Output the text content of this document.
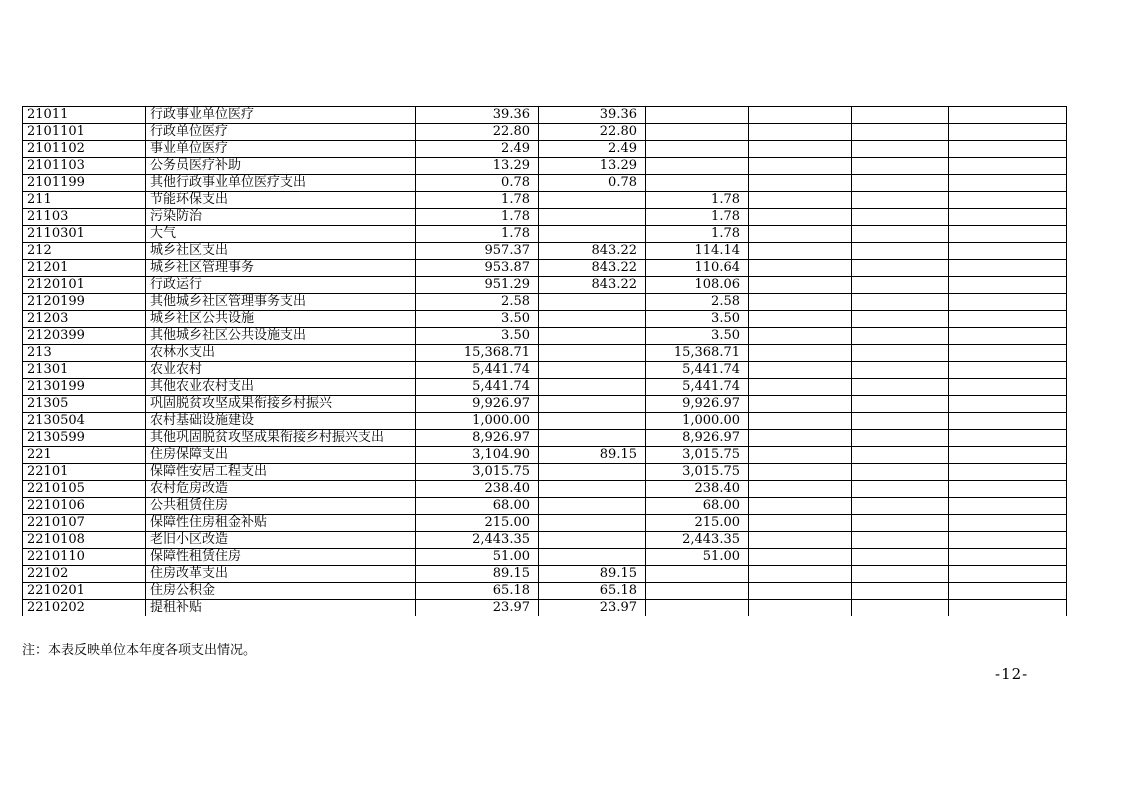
21011	行政事业单位医疗	39.36	39.36				
2101101	行政单位医疗	22.80	22.80				
2101102	事业单位医疗	2.49	2.49				
2101103	公务员医疗补助	13.29	13.29				
2101199	其他行政事业单位医疗支出	0.78	0.78				
211	节能环保支出	1.78		1.78			
21103	污染防治	1.78		1.78			
2110301	大气	1.78		1.78			
212	城乡社区支出	957.37	843.22	114.14			
21201	城乡社区管理事务	953.87	843.22	110.64			
2120101	行政运行	951.29	843.22	108.06			
2120199	其他城乡社区管理事务支出	2.58		2.58			
21203	城乡社区公共设施	3.50		3.50			
2120399	其他城乡社区公共设施支出	3.50		3.50			
213	农林水支出	15,368.71		15,368.71			
21301	农业农村	5,441.74		5,441.74			
2130199	其他农业农村支出	5,441.74		5,441.74			
21305	巩固脱贫攻坚成果衔接乡村振兴	9,926.97		9,926.97			
2130504	农村基础设施建设	1,000.00		1,000.00			
2130599	其他巩固脱贫攻坚成果衔接乡村振兴支出	8,926.97		8,926.97			
221	住房保障支出	3,104.90	89.15	3,015.75			
22101	保障性安居工程支出	3,015.75		3,015.75			
2210105	农村危房改造	238.40		238.40			
2210106	公共租赁住房	68.00		68.00			
2210107	保障性住房租金补贴	215.00		215.00			
2210108	老旧小区改造	2,443.35		2,443.35			
2210110	保障性租赁住房	51.00		51.00			
22102	住房改革支出	89.15	89.15				
2210201	住房公积金	65.18	65.18				
2210202	提租补贴	23.97	23.97				
注：本表反映单位本年度各项支出情况。
-12-
